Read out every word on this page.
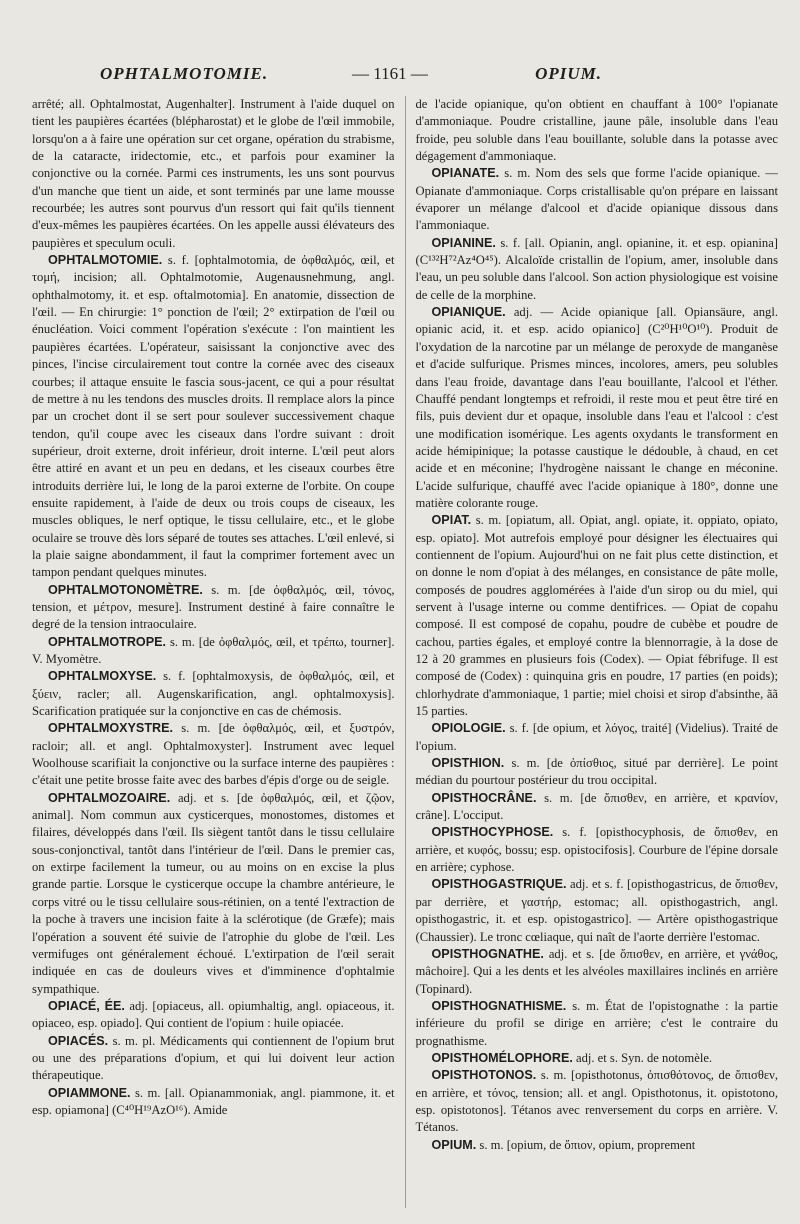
OPHTALMOTOMIE.	— 1161 —	OPIUM.

arrêté; all. Ophtalmostat, Augenhalter]. Instrument à l'aide duquel on tient les paupières écartées (blépharostat) et le globe de l'œil immobile, lorsqu'on a à faire une opération sur cet organe, opération du strabisme, de la cataracte, iridectomie, etc., et parfois pour examiner la conjonctive ou la cornée. Parmi ces instruments, les uns sont pourvus d'un manche que tient un aide, et sont terminés par une lame mousse recourbée; les autres sont pourvus d'un ressort qui fait qu'ils tiennent d'eux-mêmes les paupières écartées. On les appelle aussi élévateurs des paupières et speculum oculi.

OPHTALMOTOMIE. s. f. [ophtalmotomia, de ὀφθαλμός, œil, et τομή, incision; all. Ophtalmotomie, Augenausnehmung, angl. ophthalmotomy, it. et esp. oftalmotomia]. En anatomie, dissection de l'œil. — En chirurgie: 1° ponction de l'œil; 2° extirpation de l'œil ou énucléation. Voici comment l'opération s'exécute : l'on maintient les paupières écartées. L'opérateur, saisissant la conjonctive avec des pinces, l'incise circulairement tout contre la cornée avec des ciseaux courbes; il attaque ensuite le fascia sous-jacent, ce qui a pour résultat de mettre à nu les tendons des muscles droits. Il remplace alors la pince par un crochet dont il se sert pour soulever successivement chaque tendon, qu'il coupe avec les ciseaux dans l'ordre suivant : droit supérieur, droit externe, droit inférieur, droit interne. L'œil peut alors être attiré en avant et un peu en dedans, et les ciseaux courbes être introduits derrière lui, le long de la paroi externe de l'orbite. On coupe ensuite rapidement, à l'aide de deux ou trois coups de ciseaux, les muscles obliques, le nerf optique, le tissu cellulaire, etc., et le globe oculaire se trouve dès lors séparé de toutes ses attaches. L'œil enlevé, si la plaie saigne abondamment, il faut la comprimer fortement avec un tampon pendant quelques minutes.

OPHTALMOTONOMÈTRE. s. m. [de ὀφθαλμός, œil, τόνος, tension, et μέτρον, mesure]. Instrument destiné à faire connaître le degré de la tension intraoculaire.

OPHTALMOTROPE. s. m. [de ὀφθαλμός, œil, et τρέπω, tourner]. V. Myomètre.

OPHTALMOXYSE. s. f. [ophtalmoxysis, de ὀφθαλμός, œil, et ξύειν, racler; all. Augenskarification, angl. ophtalmoxysis]. Scarification pratiquée sur la conjonctive en cas de chémosis.

OPHTALMOXYSTRE. s. m. [de ὀφθαλμός, œil, et ξυστρόν, racloir; all. et angl. Ophtalmoxyster]. Instrument avec lequel Woolhouse scarifiait la conjonctive ou la surface interne des paupières : c'était une petite brosse faite avec des barbes d'épis d'orge ou de seigle.

OPHTALMOZOAIRE. adj. et s. [de ὀφθαλμός, œil, et ζῷον, animal]. Nom commun aux cysticerques, monostomes, distomes et filaires, développés dans l'œil. Ils siègent tantôt dans le tissu cellulaire sous-conjonctival, tantôt dans l'intérieur de l'œil. Dans le premier cas, on extirpe facilement la tumeur, ou au moins on en excise la plus grande partie. Lorsque le cysticerque occupe la chambre antérieure, le corps vitré ou le tissu cellulaire sous-rétinien, on a tenté l'extraction de la poche à travers une incision faite à la sclérotique (de Græfe); mais l'opération a souvent été suivie de l'atrophie du globe de l'œil. Les vermifuges ont généralement échoué. L'extirpation de l'œil serait indiquée en cas de douleurs vives et d'imminence d'ophtalmie sympathique.

OPIACÉ, ÉE. adj. [opiaceus, all. opiumhaltig, angl. opiaceous, it. opiaceo, esp. opiado]. Qui contient de l'opium : huile opiacée.

OPIACÉS. s. m. pl. Médicaments qui contiennent de l'opium brut ou une des préparations d'opium, et qui lui doivent leur action thérapeutique.

OPIAMMONE. s. m. [all. Opianammoniak, angl. piammone, it. et esp. opiamona] (C⁴⁰H¹⁹AzO¹⁶). Amide

de l'acide opianique, qu'on obtient en chauffant à 100° l'opianate d'ammoniaque. Poudre cristalline, jaune pâle, insoluble dans l'eau froide, peu soluble dans l'eau bouillante, soluble dans la potasse avec dégagement d'ammoniaque.

OPIANATE. s. m. Nom des sels que forme l'acide opianique. — Opianate d'ammoniaque. Corps cristallisable qu'on prépare en laissant évaporer un mélange d'alcool et d'acide opianique dissous dans l'ammoniaque.

OPIANINE. s. f. [all. Opianin, angl. opianine, it. et esp. opianina] (C¹³²H⁷²Az⁴O⁴⁵). Alcaloïde cristallin de l'opium, amer, insoluble dans l'eau, un peu soluble dans l'alcool. Son action physiologique est voisine de celle de la morphine.

OPIANIQUE. adj. — Acide opianique [all. Opiansäure, angl. opianic acid, it. et esp. acido opianico] (C²⁰H¹⁰O¹⁰). Produit de l'oxydation de la narcotine par un mélange de peroxyde de manganèse et d'acide sulfurique. Prismes minces, incolores, amers, peu solubles dans l'eau froide, davantage dans l'eau bouillante, l'alcool et l'éther. Chauffé pendant longtemps et refroidi, il reste mou et peut être tiré en fils, puis devient dur et opaque, insoluble dans l'eau et l'alcool : c'est une modification isomérique. Les agents oxydants le transforment en acide hémipinique; la potasse caustique le dédouble, à chaud, en cet acide et en méconine; l'hydrogène naissant le change en méconine. L'acide sulfurique, chauffé avec l'acide opianique à 180°, donne une matière colorante rouge.

OPIAT. s. m. [opiatum, all. Opiat, angl. opiate, it. oppiato, opiato, esp. opiato]. Mot autrefois employé pour désigner les électuaires qui contiennent de l'opium. Aujourd'hui on ne fait plus cette distinction, et on donne le nom d'opiat à des mélanges, en consistance de pâte molle, composés de poudres agglomérées à l'aide d'un sirop ou du miel, qui servent à l'usage interne ou comme dentifrices. — Opiat de copahu composé. Il est composé de copahu, poudre de cubèbe et poudre de cachou, parties égales, et employé contre la blennorragie, à la dose de 12 à 20 grammes en plusieurs fois (Codex). — Opiat fébrifuge. Il est composé de (Codex) : quinquina gris en poudre, 17 parties (en poids); chlorhydrate d'ammoniaque, 1 partie; miel choisi et sirop d'absinthe, ãã 15 parties.

OPIOLOGIE. s. f. [de opium, et λόγος, traité] (Videlius). Traité de l'opium.

OPISTHION. s. m. [de ὀπίσθιος, situé par derrière]. Le point médian du pourtour postérieur du trou occipital.

OPISTHOCRÂNE. s. m. [de ὄπισθεν, en arrière, et κρανίον, crâne]. L'occiput.

OPISTHOCYPHOSE. s. f. [opisthocyphosis, de ὄπισθεν, en arrière, et κυφός, bossu; esp. opistocifosis]. Courbure de l'épine dorsale en arrière; cyphose.

OPISTHOGASTRIQUE. adj. et s. f. [opisthogastricus, de ὄπισθεν, par derrière, et γαστήρ, estomac; all. opisthogastrich, angl. opisthogastric, it. et esp. opistogastrico]. — Artère opisthogastrique (Chaussier). Le tronc cœliaque, qui naît de l'aorte derrière l'estomac.

OPISTHOGNATHE. adj. et s. [de ὄπισθεν, en arrière, et γνάθος, mâchoire]. Qui a les dents et les alvéoles maxillaires inclinés en arrière (Topinard).

OPISTHOGNATHISME. s. m. État de l'opistognathe : la partie inférieure du profil se dirige en arrière; c'est le contraire du prognathisme.

OPISTHOMÉLOPHORE. adj. et s. Syn. de notomèle.

OPISTHOTONOS. s. m. [opisthotonus, ὀπισθότονος, de ὄπισθεν, en arrière, et τόνος, tension; all. et angl. Opisthotonus, it. opistotono, esp. opistotonos]. Tétanos avec renversement du corps en arrière. V. Tétanos.

OPIUM. s. m. [opium, de ὄπιον, opium, proprement
